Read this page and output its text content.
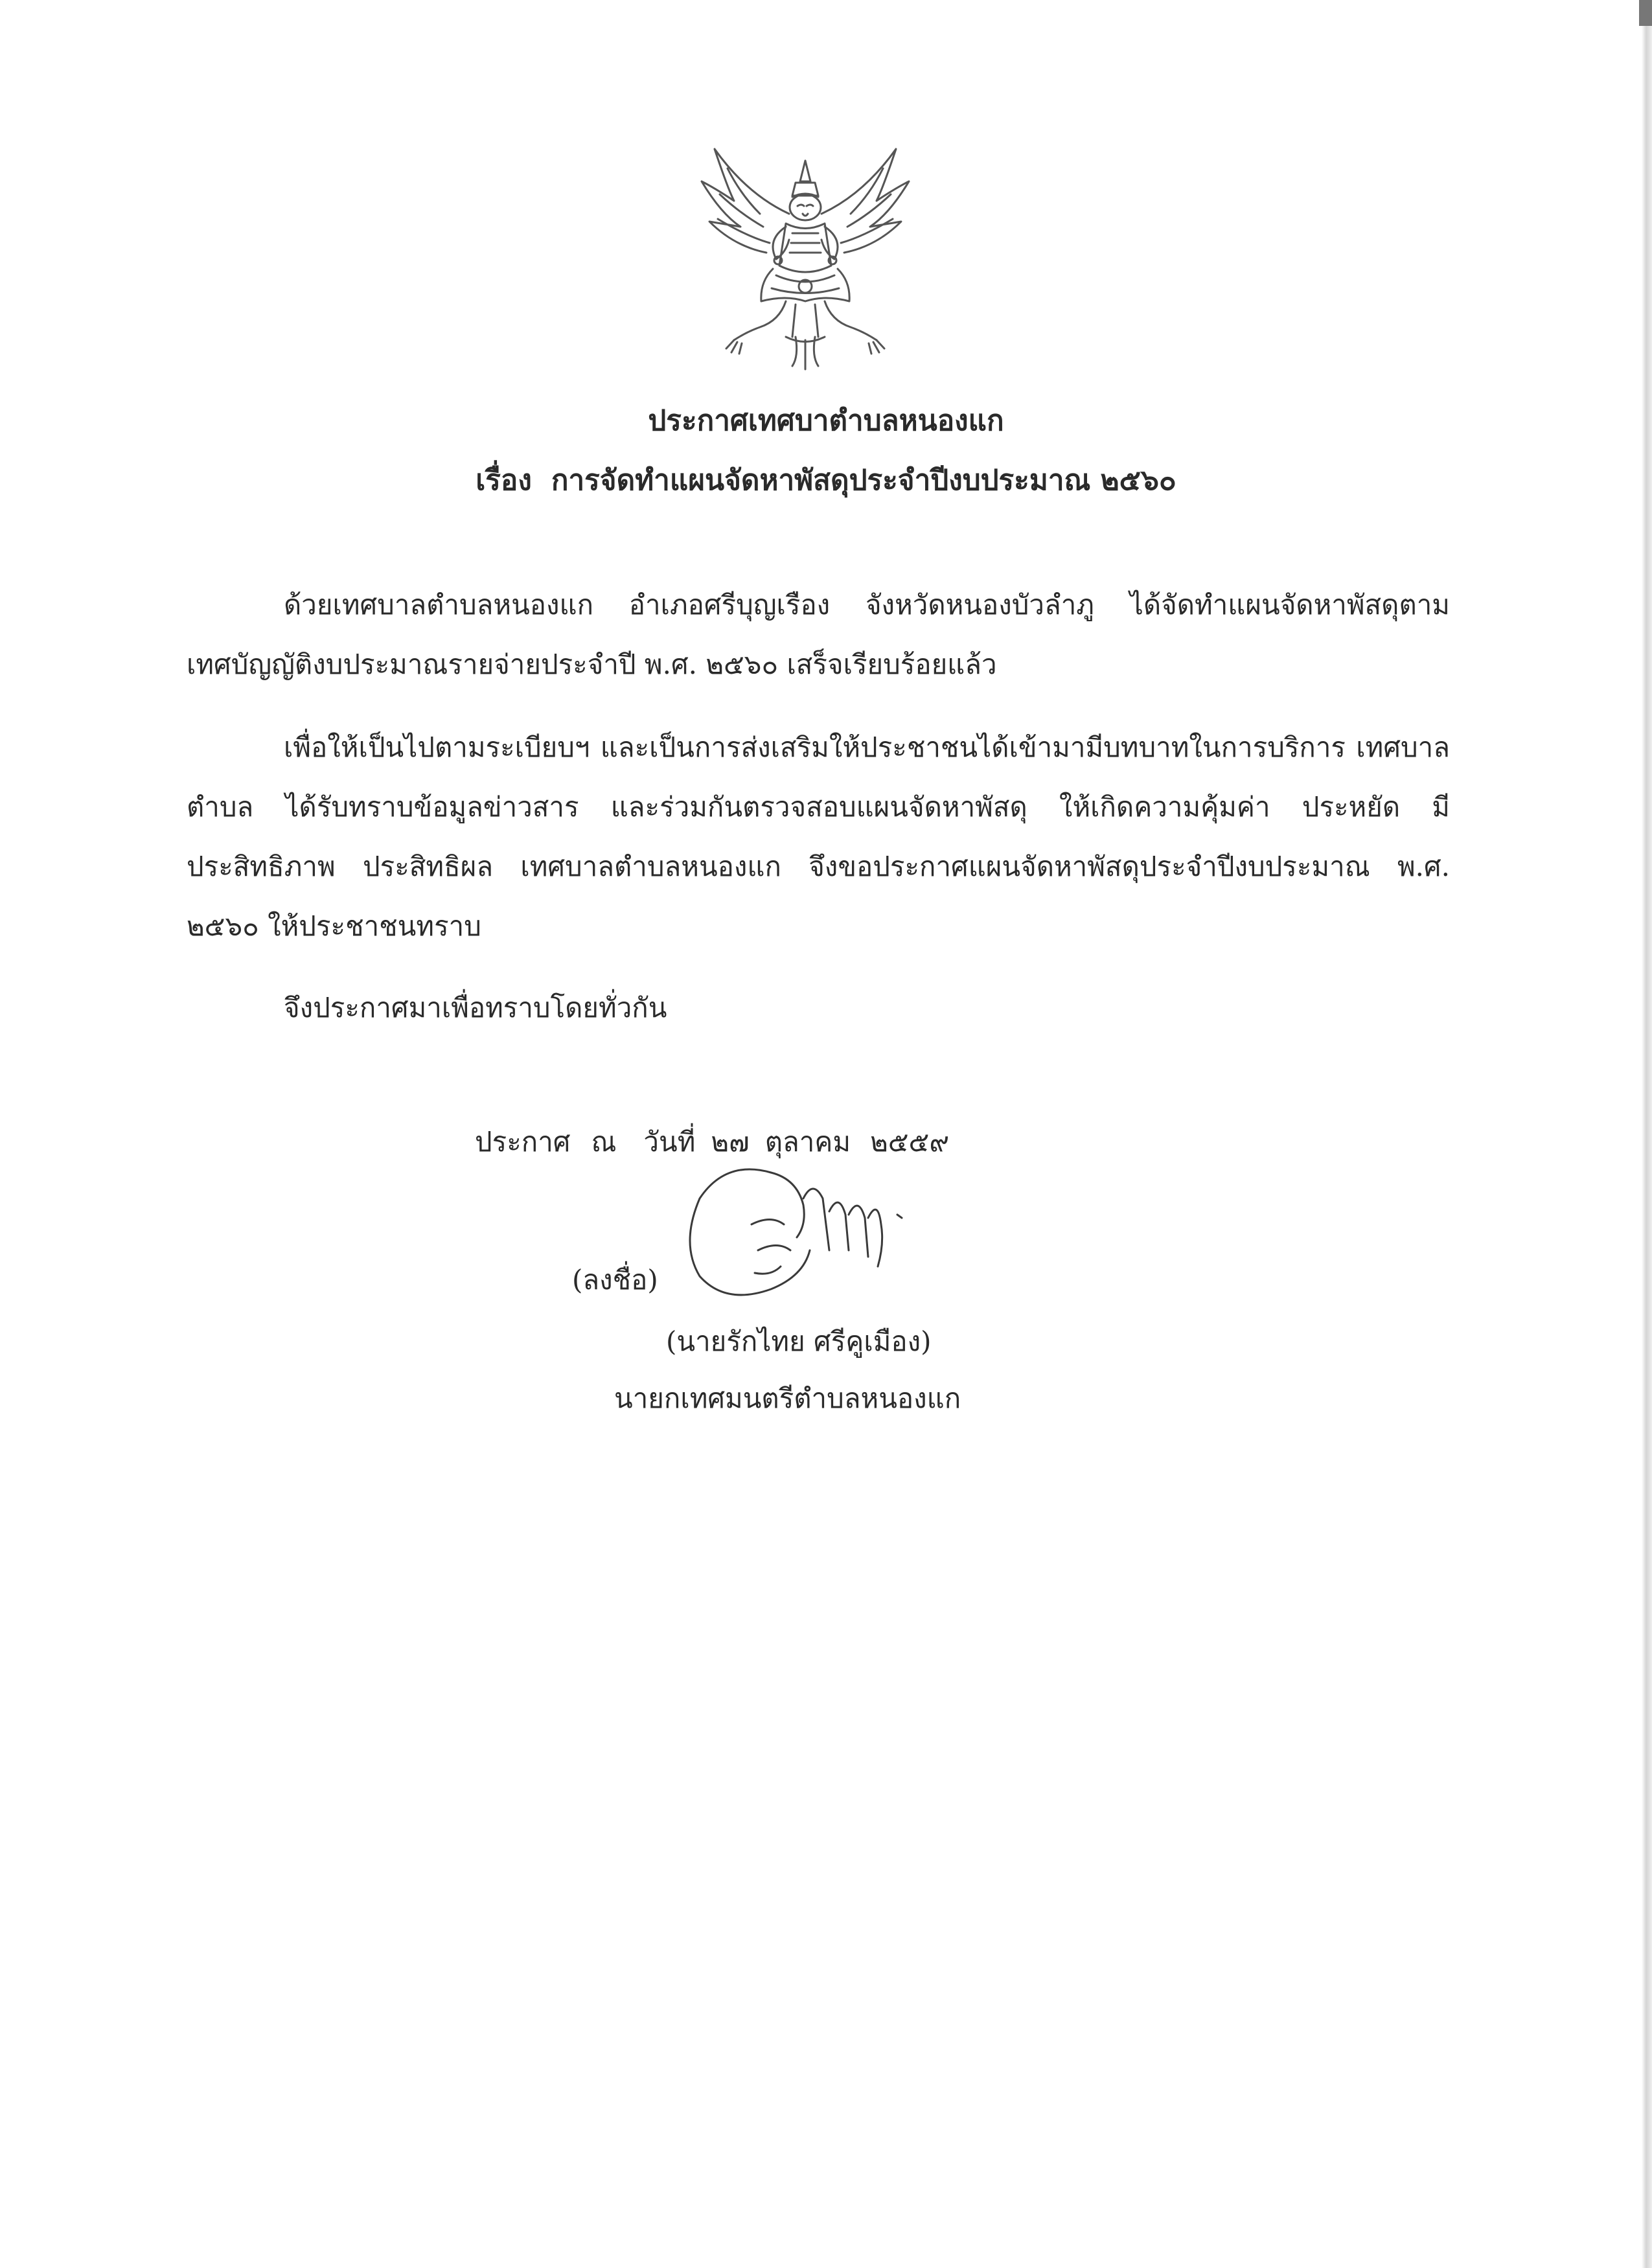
ประกาศเทศบาตำบลหนองแก
เรื่อง การจัดทำแผนจัดหาพัสดุประจำปีงบประมาณ ๒๕๖๐

ด้วยเทศบาลตำบลหนองแก อำเภอศรีบุญเรือง จังหวัดหนองบัวลำภู ได้จัดทำแผนจัดหาพัสดุตามเทศบัญญัติงบประมาณรายจ่ายประจำปี พ.ศ. ๒๕๖๐ เสร็จเรียบร้อยแล้ว

เพื่อให้เป็นไปตามระเบียบฯ และเป็นการส่งเสริมให้ประชาชนได้เข้ามามีบทบาทในการบริการ เทศบาลตำบล ได้รับทราบข้อมูลข่าวสาร และร่วมกันตรวจสอบแผนจัดหาพัสดุ ให้เกิดความคุ้มค่า ประหยัด มีประสิทธิภาพ ประสิทธิผล เทศบาลตำบลหนองแก จึงขอประกาศแผนจัดหาพัสดุประจำปีงบประมาณ พ.ศ. ๒๕๖๐ ให้ประชาชนทราบ

จึงประกาศมาเพื่อทราบโดยทั่วกัน
ประกาศ ณ วันที่ ๒๗ ตุลาคม ๒๕๕๙
(ลงชื่อ)
(นายรักไทย ศรีคูเมือง)
นายกเทศมนตรีตำบลหนองแก
